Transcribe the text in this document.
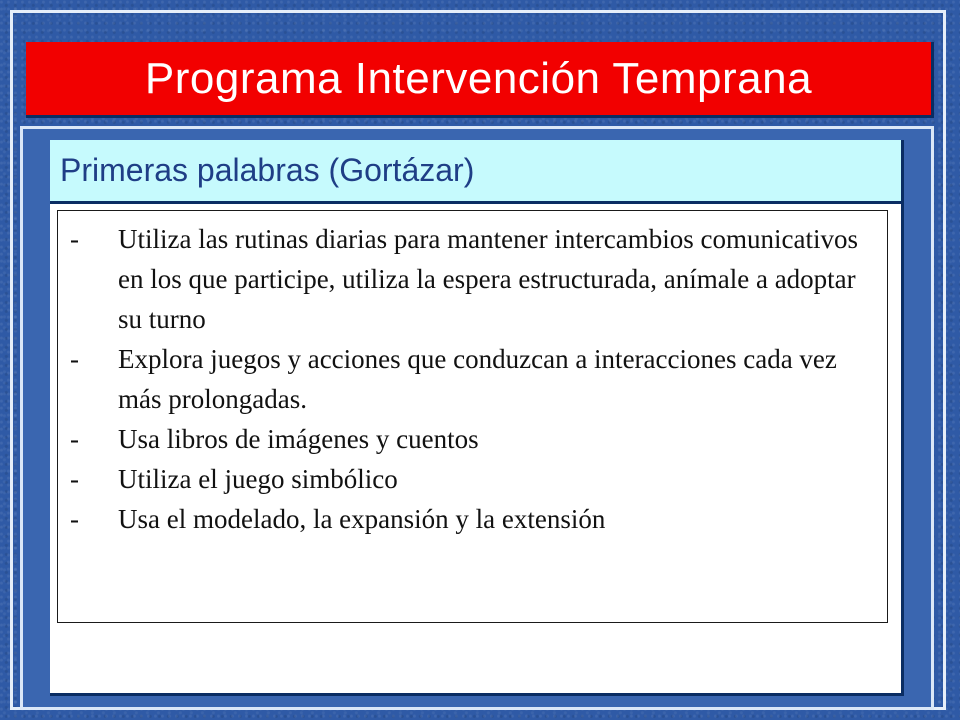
Programa Intervención Temprana
Primeras palabras (Gortázar)
-	Utiliza las rutinas diarias para mantener intercambios comunicativos en los que participe, utiliza la espera estructurada, anímale a adoptar su turno
-	Explora juegos y acciones que conduzcan a interacciones cada vez más prolongadas.
-	Usa libros de imágenes y cuentos
-	Utiliza el juego simbólico
-	Usa el modelado, la expansión y la extensión
